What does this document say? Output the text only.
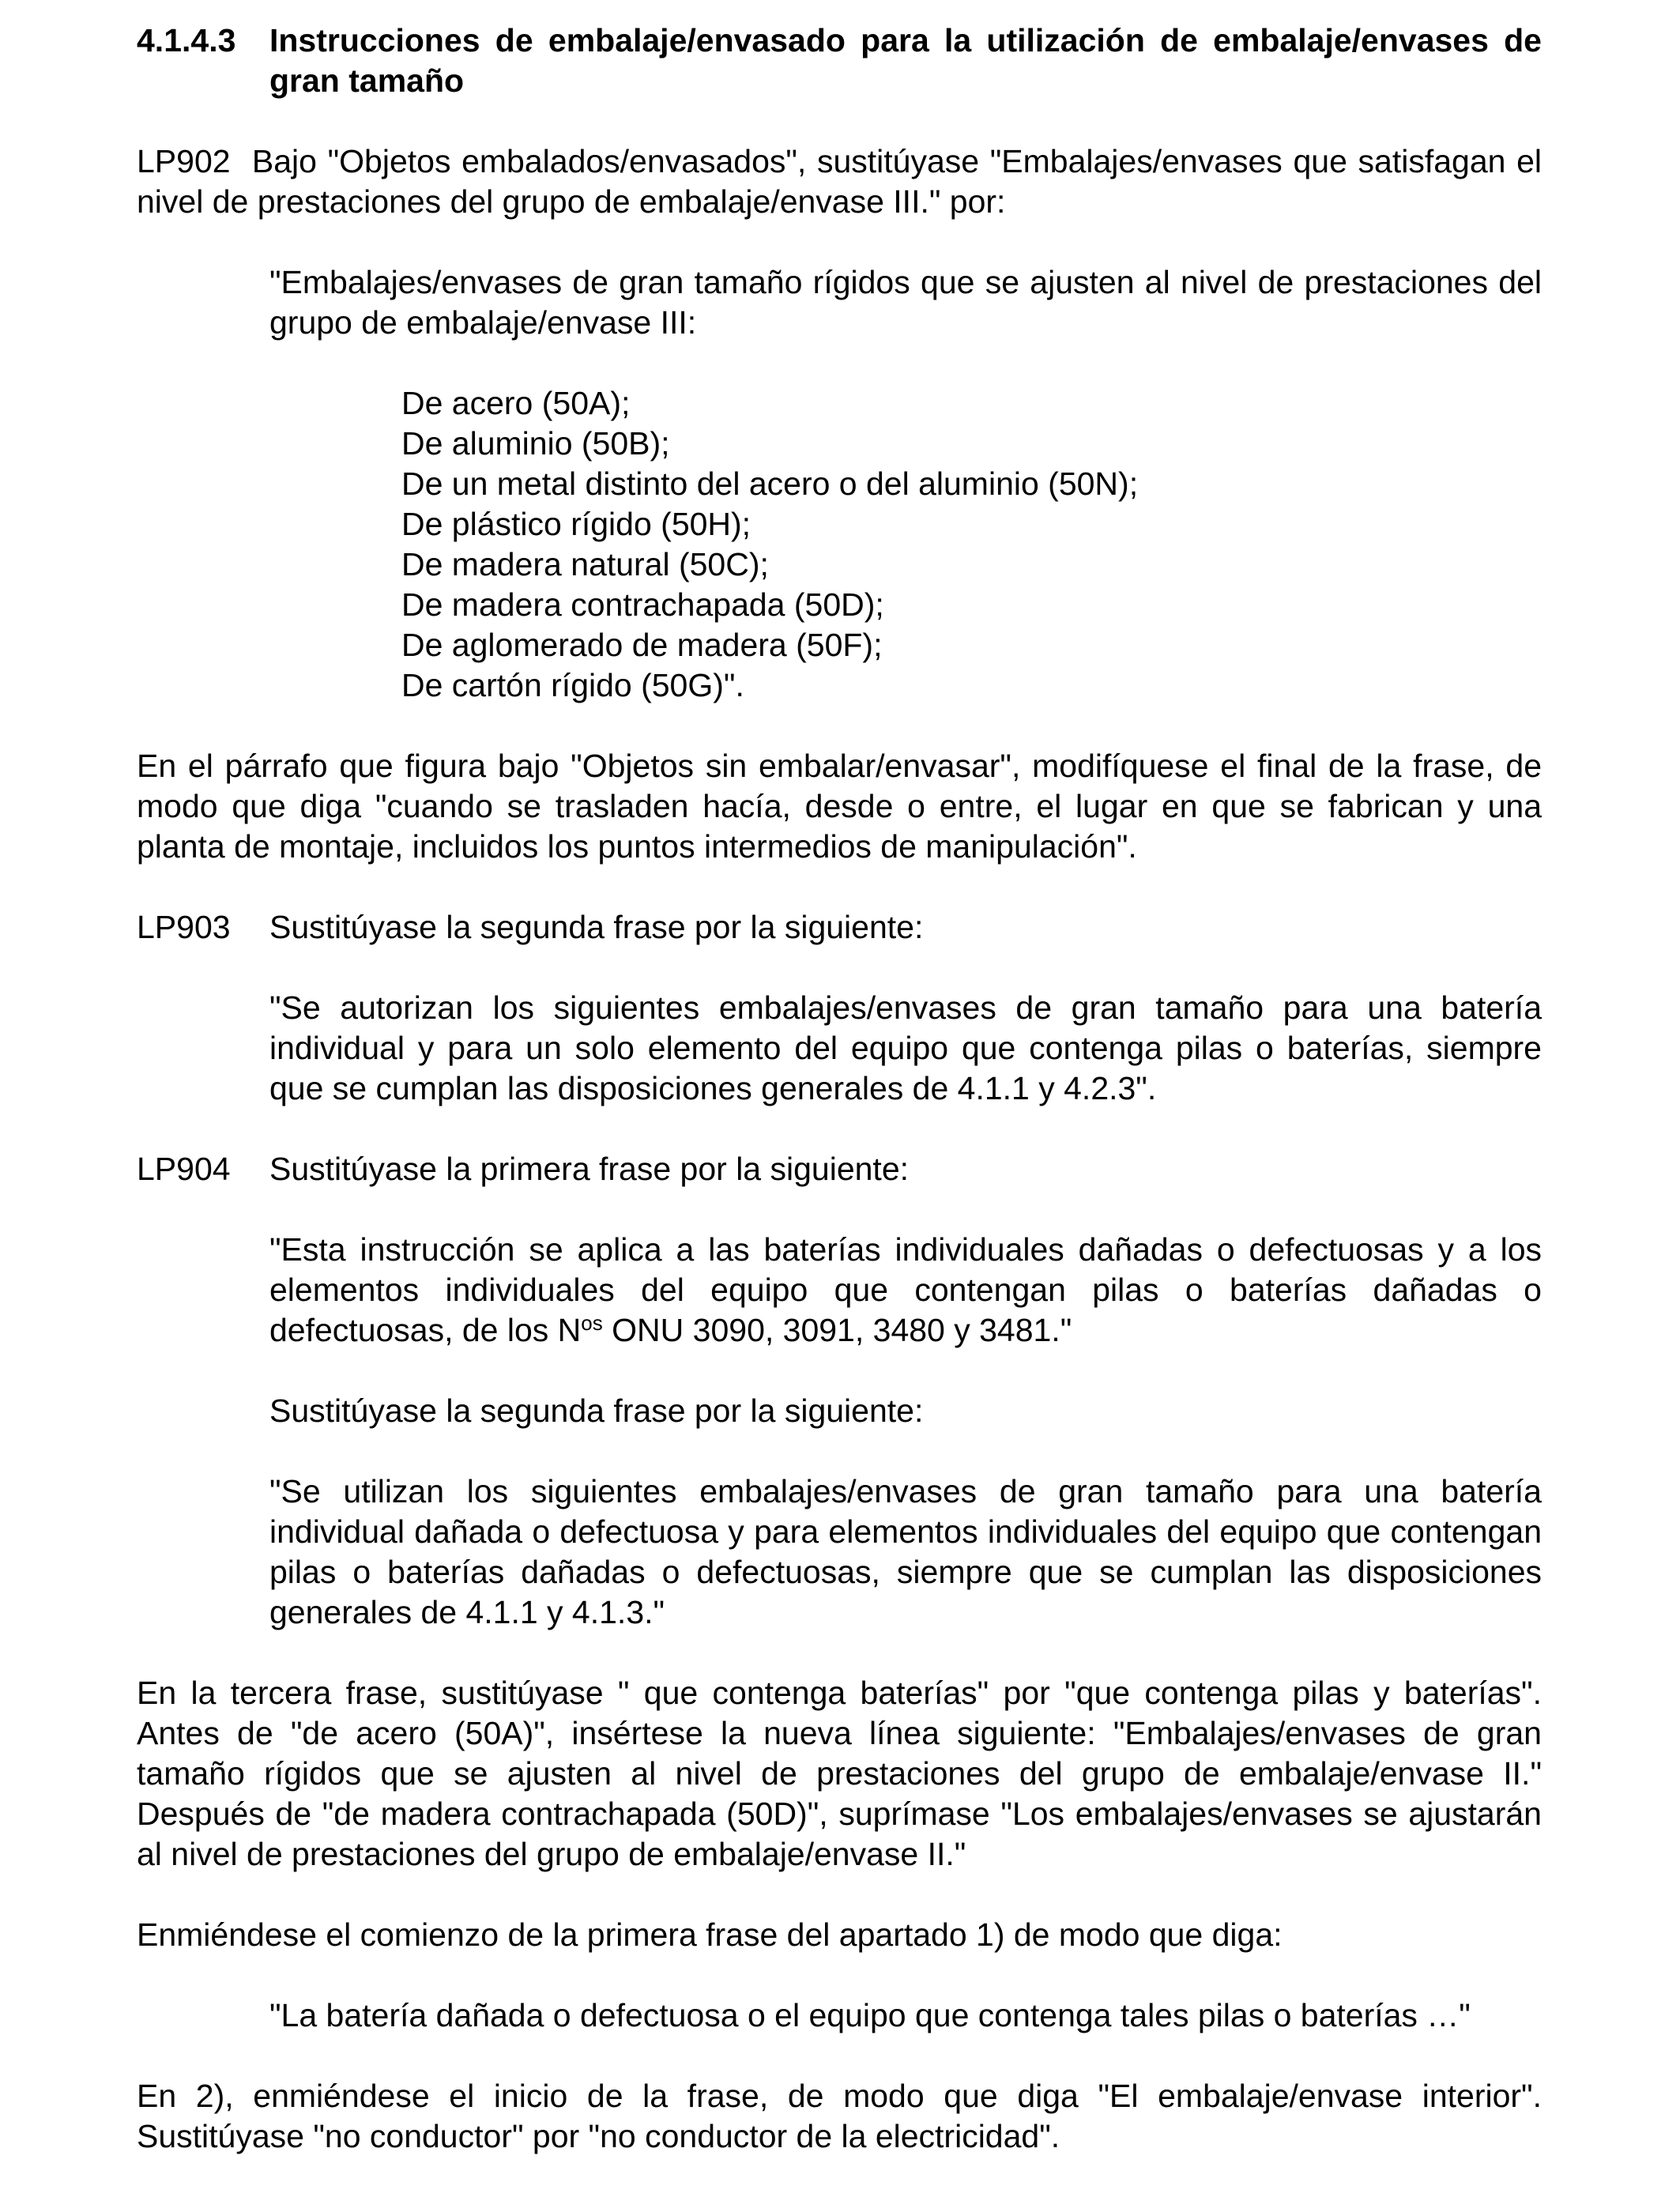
4.1.4.3	Instrucciones de embalaje/envasado para la utilización de embalaje/envases de gran tamaño

LP902 Bajo "Objetos embalados/envasados", sustitúyase "Embalajes/envases que satisfagan el nivel de prestaciones del grupo de embalaje/envase III." por:

"Embalajes/envases de gran tamaño rígidos que se ajusten al nivel de prestaciones del grupo de embalaje/envase III:

De acero (50A);
De aluminio (50B);
De un metal distinto del acero o del aluminio (50N);
De plástico rígido (50H);
De madera natural (50C);
De madera contrachapada (50D);
De aglomerado de madera (50F);
De cartón rígido (50G)".

En el párrafo que figura bajo "Objetos sin embalar/envasar", modifíquese el final de la frase, de modo que diga "cuando se trasladen hacía, desde o entre, el lugar en que se fabrican y una planta de montaje, incluidos los puntos intermedios de manipulación".

LP903	Sustitúyase la segunda frase por la siguiente:

"Se autorizan los siguientes embalajes/envases de gran tamaño para una batería individual y para un solo elemento del equipo que contenga pilas o baterías, siempre que se cumplan las disposiciones generales de 4.1.1 y 4.2.3".

LP904	Sustitúyase la primera frase por la siguiente:

"Esta instrucción se aplica a las baterías individuales dañadas o defectuosas y a los elementos individuales del equipo que contengan pilas o baterías dañadas o defectuosas, de los $N^{os}$ ONU 3090, 3091, 3480 y 3481."

Sustitúyase la segunda frase por la siguiente:

"Se utilizan los siguientes embalajes/envases de gran tamaño para una batería individual dañada o defectuosa y para elementos individuales del equipo que contengan pilas o baterías dañadas o defectuosas, siempre que se cumplan las disposiciones generales de 4.1.1 y 4.1.3."

En la tercera frase, sustitúyase " que contenga baterías" por "que contenga pilas y baterías". Antes de "de acero (50A)", insértese la nueva línea siguiente: "Embalajes/envases de gran tamaño rígidos que se ajusten al nivel de prestaciones del grupo de embalaje/envase II." Después de "de madera contrachapada (50D)", suprímase "Los embalajes/envases se ajustarán al nivel de prestaciones del grupo de embalaje/envase II."

Enmiéndese el comienzo de la primera frase del apartado 1) de modo que diga:

"La batería dañada o defectuosa o el equipo que contenga tales pilas o baterías …"

En 2), enmiéndese el inicio de la frase, de modo que diga "El embalaje/envase interior". Sustitúyase "no conductor" por "no conductor de la electricidad".
